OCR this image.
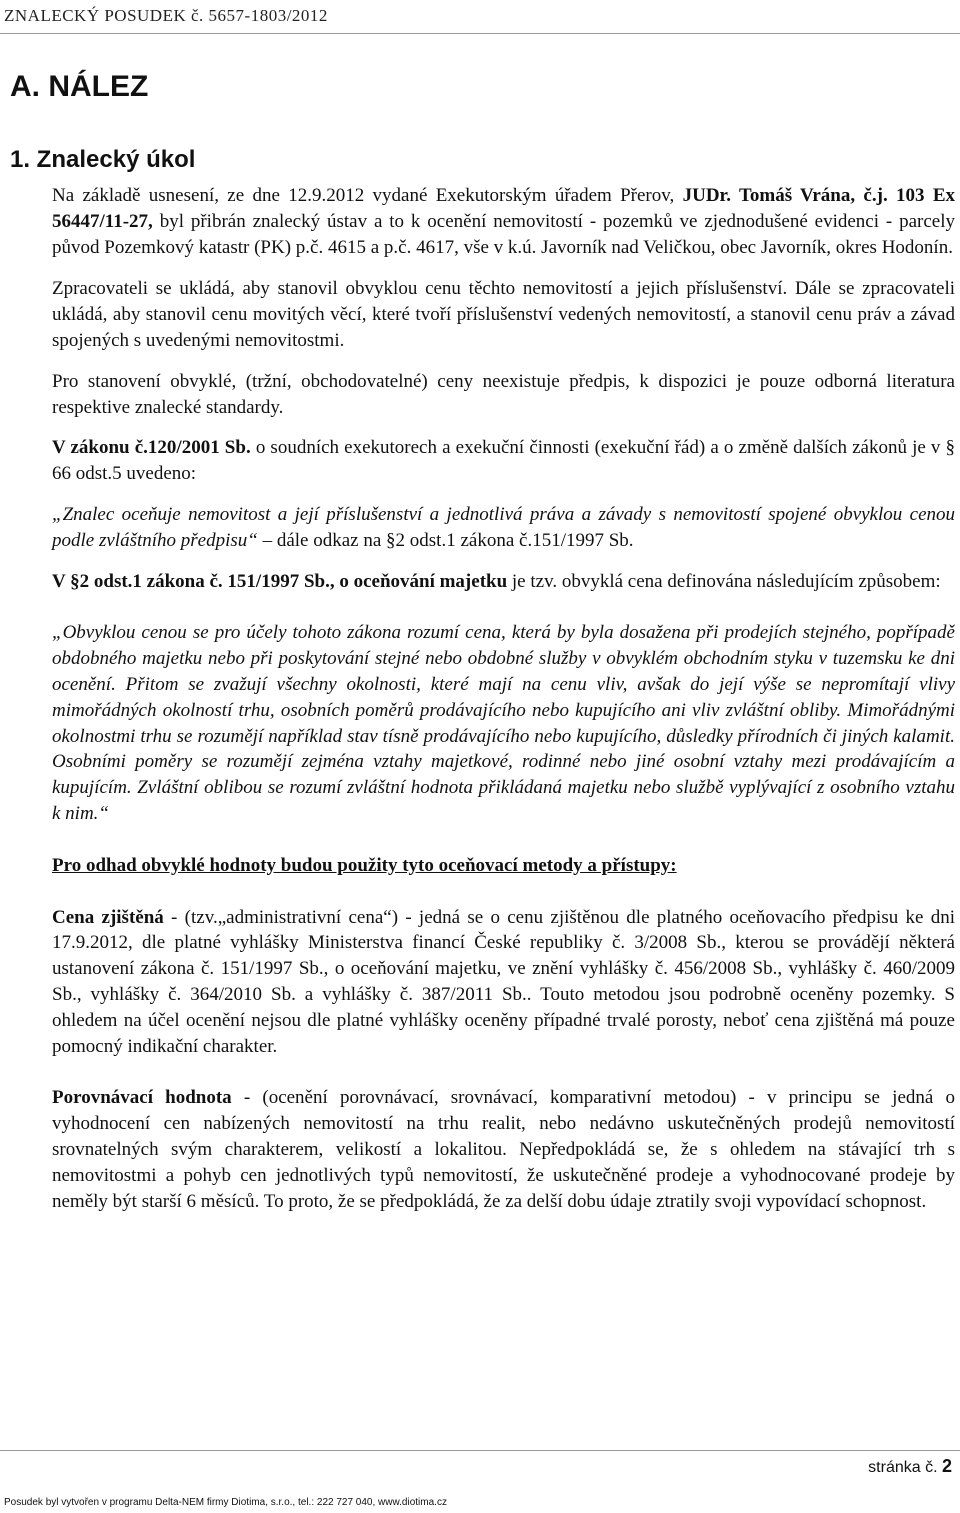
ZNALECKÝ POSUDEK č. 5657-1803/2012
A. NÁLEZ
1. Znalecký úkol

Na základě usnesení, ze dne 12.9.2012 vydané Exekutorským úřadem Přerov, JUDr. Tomáš Vrána, č.j. 103 Ex 56447/11-27, byl přibrán znalecký ústav a to k ocenění nemovitostí - pozemků ve zjednodušené evidenci - parcely původ Pozemkový katastr (PK) p.č. 4615 a p.č. 4617, vše v k.ú. Javorník nad Veličkou, obec Javorník, okres Hodonín.

Zpracovateli se ukládá, aby stanovil obvyklou cenu těchto nemovitostí a jejich příslušenství. Dále se zpracovateli ukládá, aby stanovil cenu movitých věcí, které tvoří příslušenství vedených nemovitostí, a stanovil cenu práv a závad spojených s uvedenými nemovitostmi.

Pro stanovení obvyklé, (tržní, obchodovatelné) ceny neexistuje předpis, k dispozici je pouze odborná literatura respektive znalecké standardy.

V zákonu č.120/2001 Sb. o soudních exekutorech a exekuční činnosti (exekuční řád) a o změně dalších zákonů je v § 66 odst.5 uvedeno:

„Znalec oceňuje nemovitost a její příslušenství a jednotlivá práva a závady s nemovitostí spojené obvyklou cenou podle zvláštního předpisu“ – dále odkaz na §2 odst.1 zákona č.151/1997 Sb.

V §2 odst.1 zákona č. 151/1997 Sb., o oceňování majetku je tzv. obvyklá cena definována následujícím způsobem:

„Obvyklou cenou se pro účely tohoto zákona rozumí cena, která by byla dosažena při prodejích stejného, popřípadě obdobného majetku nebo při poskytování stejné nebo obdobné služby v obvyklém obchodním styku v tuzemsku ke dni ocenění. Přitom se zvažují všechny okolnosti, které mají na cenu vliv, avšak do její výše se nepromítají vlivy mimořádných okolností trhu, osobních poměrů prodávajícího nebo kupujícího ani vliv zvláštní obliby. Mimořádnými okolnostmi trhu se rozumějí například stav tísně prodávajícího nebo kupujícího, důsledky přírodních či jiných kalamit. Osobními poměry se rozumějí zejména vztahy majetkové, rodinné nebo jiné osobní vztahy mezi prodávajícím a kupujícím. Zvláštní oblibou se rozumí zvláštní hodnota přikládaná majetku nebo službě vyplývající z osobního vztahu k nim.“

Pro odhad obvyklé hodnoty budou použity tyto oceňovací metody a přístupy:

Cena zjištěná - (tzv.„administrativní cena“) - jedná se o cenu zjištěnou dle platného oceňovacího předpisu ke dni 17.9.2012, dle platné vyhlášky Ministerstva financí České republiky č. 3/2008 Sb., kterou se provádějí některá ustanovení zákona č. 151/1997 Sb., o oceňování majetku, ve znění vyhlášky č. 456/2008 Sb., vyhlášky č. 460/2009 Sb., vyhlášky č. 364/2010 Sb. a vyhlášky č. 387/2011 Sb.. Touto metodou jsou podrobně oceněny pozemky. S ohledem na účel ocenění nejsou dle platné vyhlášky oceněny případné trvalé porosty, neboť cena zjištěná má pouze pomocný indikační charakter.

Porovnávací hodnota - (ocenění porovnávací, srovnávací, komparativní metodou) - v principu se jedná o vyhodnocení cen nabízených nemovitostí na trhu realit, nebo nedávno uskutečněných prodejů nemovitostí srovnatelných svým charakterem, velikostí a lokalitou. Nepředpokládá se, že s ohledem na stávající trh s nemovitostmi a pohyb cen jednotlivých typů nemovitostí, že uskutečněné prodeje a vyhodnocované prodeje by neměly být starší 6 měsíců. To proto, že se předpokládá, že za delší dobu údaje ztratily svoji vypovídací schopnost.

stránka č. 2
Posudek byl vytvořen v programu Delta-NEM firmy Diotima, s.r.o., tel.: 222 727 040, www.diotima.cz
